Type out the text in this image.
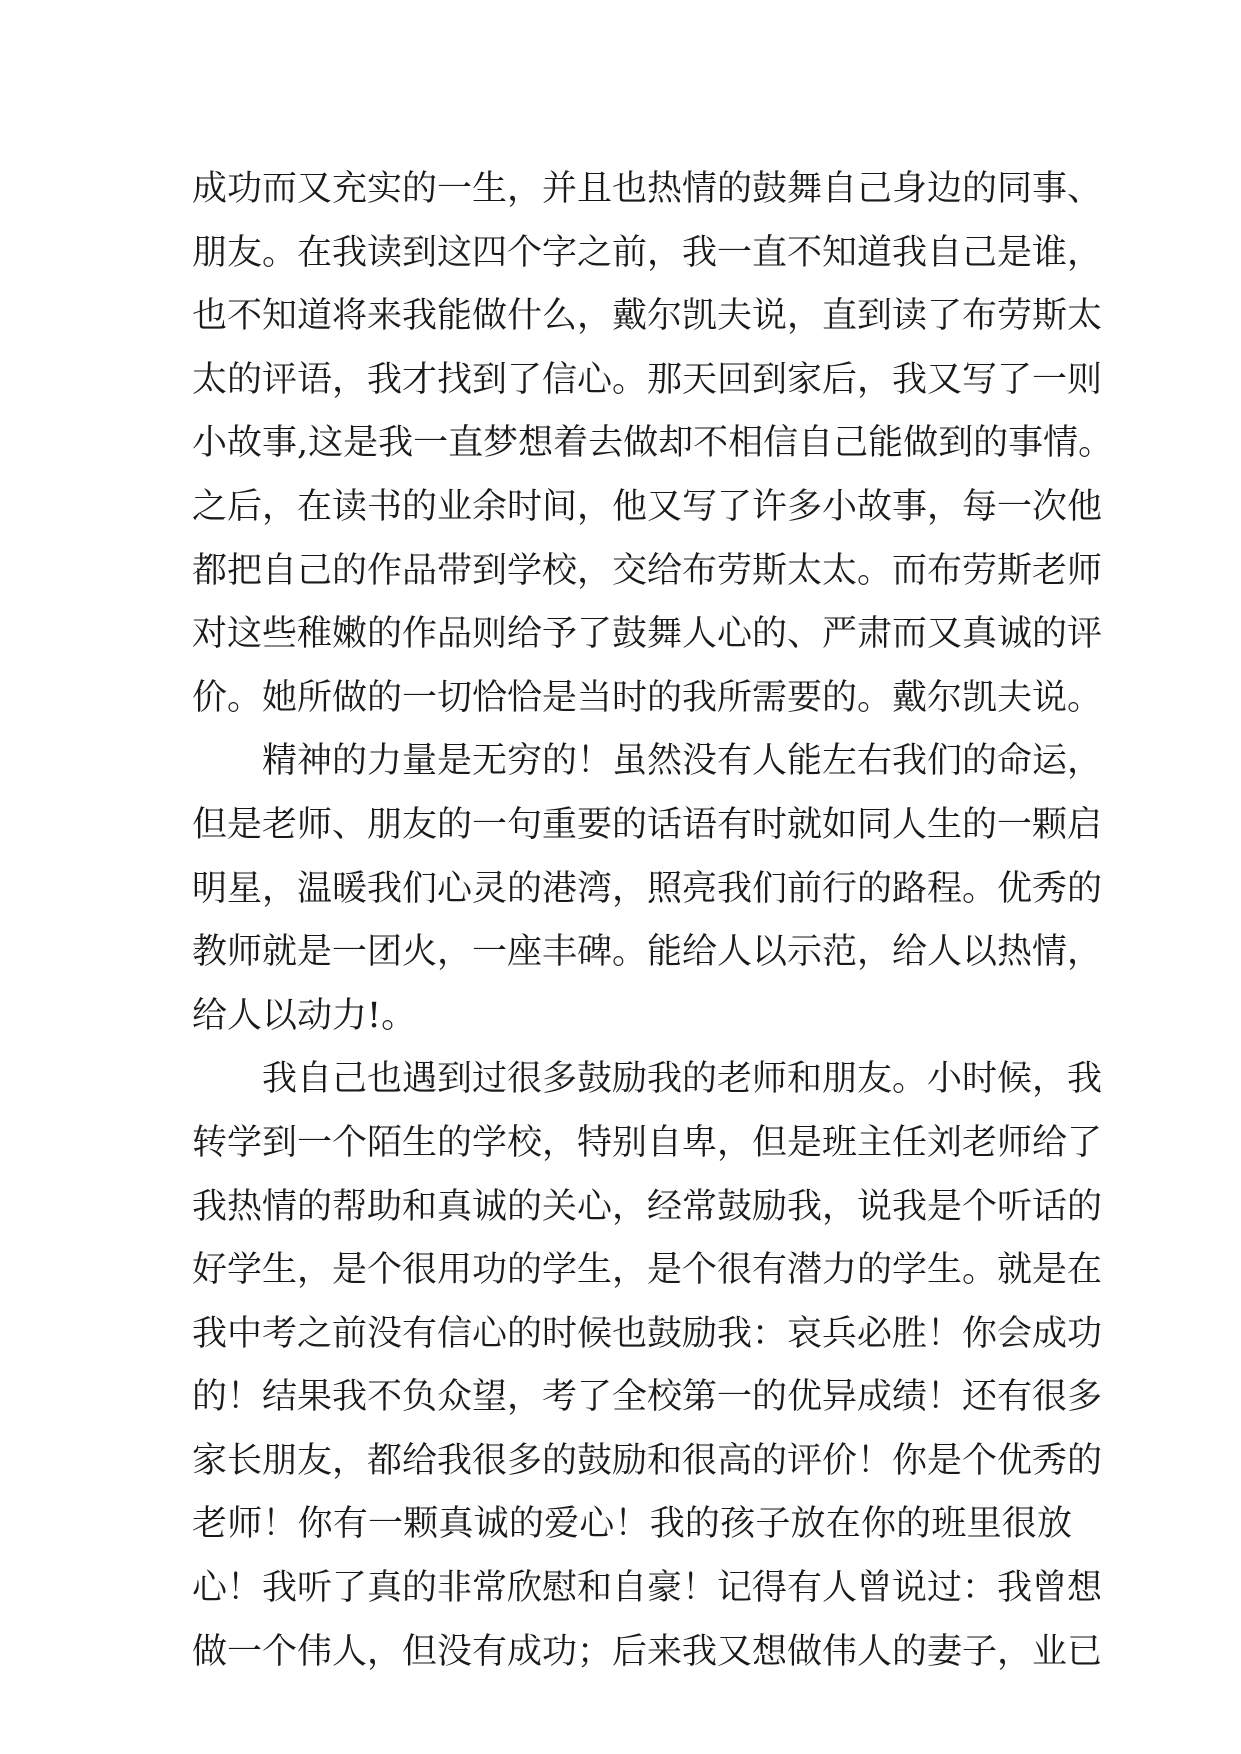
成功而又充实的一生，并且也热情的鼓舞自己身边的同事、
朋友。在我读到这四个字之前，我一直不知道我自己是谁，
也不知道将来我能做什么，戴尔凯夫说，直到读了布劳斯太
太的评语，我才找到了信心。那天回到家后，我又写了一则
小故事,这是我一直梦想着去做却不相信自己能做到的事情。
之后，在读书的业余时间，他又写了许多小故事，每一次他
都把自己的作品带到学校，交给布劳斯太太。而布劳斯老师
对这些稚嫩的作品则给予了鼓舞人心的、严肃而又真诚的评
价。她所做的一切恰恰是当时的我所需要的。戴尔凯夫说。
精神的力量是无穷的！虽然没有人能左右我们的命运，
但是老师、朋友的一句重要的话语有时就如同人生的一颗启
明星，温暖我们心灵的港湾，照亮我们前行的路程。优秀的
教师就是一团火，一座丰碑。能给人以示范，给人以热情，
给人以动力!。
我自己也遇到过很多鼓励我的老师和朋友。小时候，我
转学到一个陌生的学校，特别自卑，但是班主任刘老师给了
我热情的帮助和真诚的关心，经常鼓励我，说我是个听话的
好学生，是个很用功的学生，是个很有潜力的学生。就是在
我中考之前没有信心的时候也鼓励我：哀兵必胜！你会成功
的！结果我不负众望，考了全校第一的优异成绩！还有很多
家长朋友，都给我很多的鼓励和很高的评价！你是个优秀的
老师！你有一颗真诚的爱心！我的孩子放在你的班里很放
心！我听了真的非常欣慰和自豪！记得有人曾说过：我曾想
做一个伟人，但没有成功；后来我又想做伟人的妻子，业已
